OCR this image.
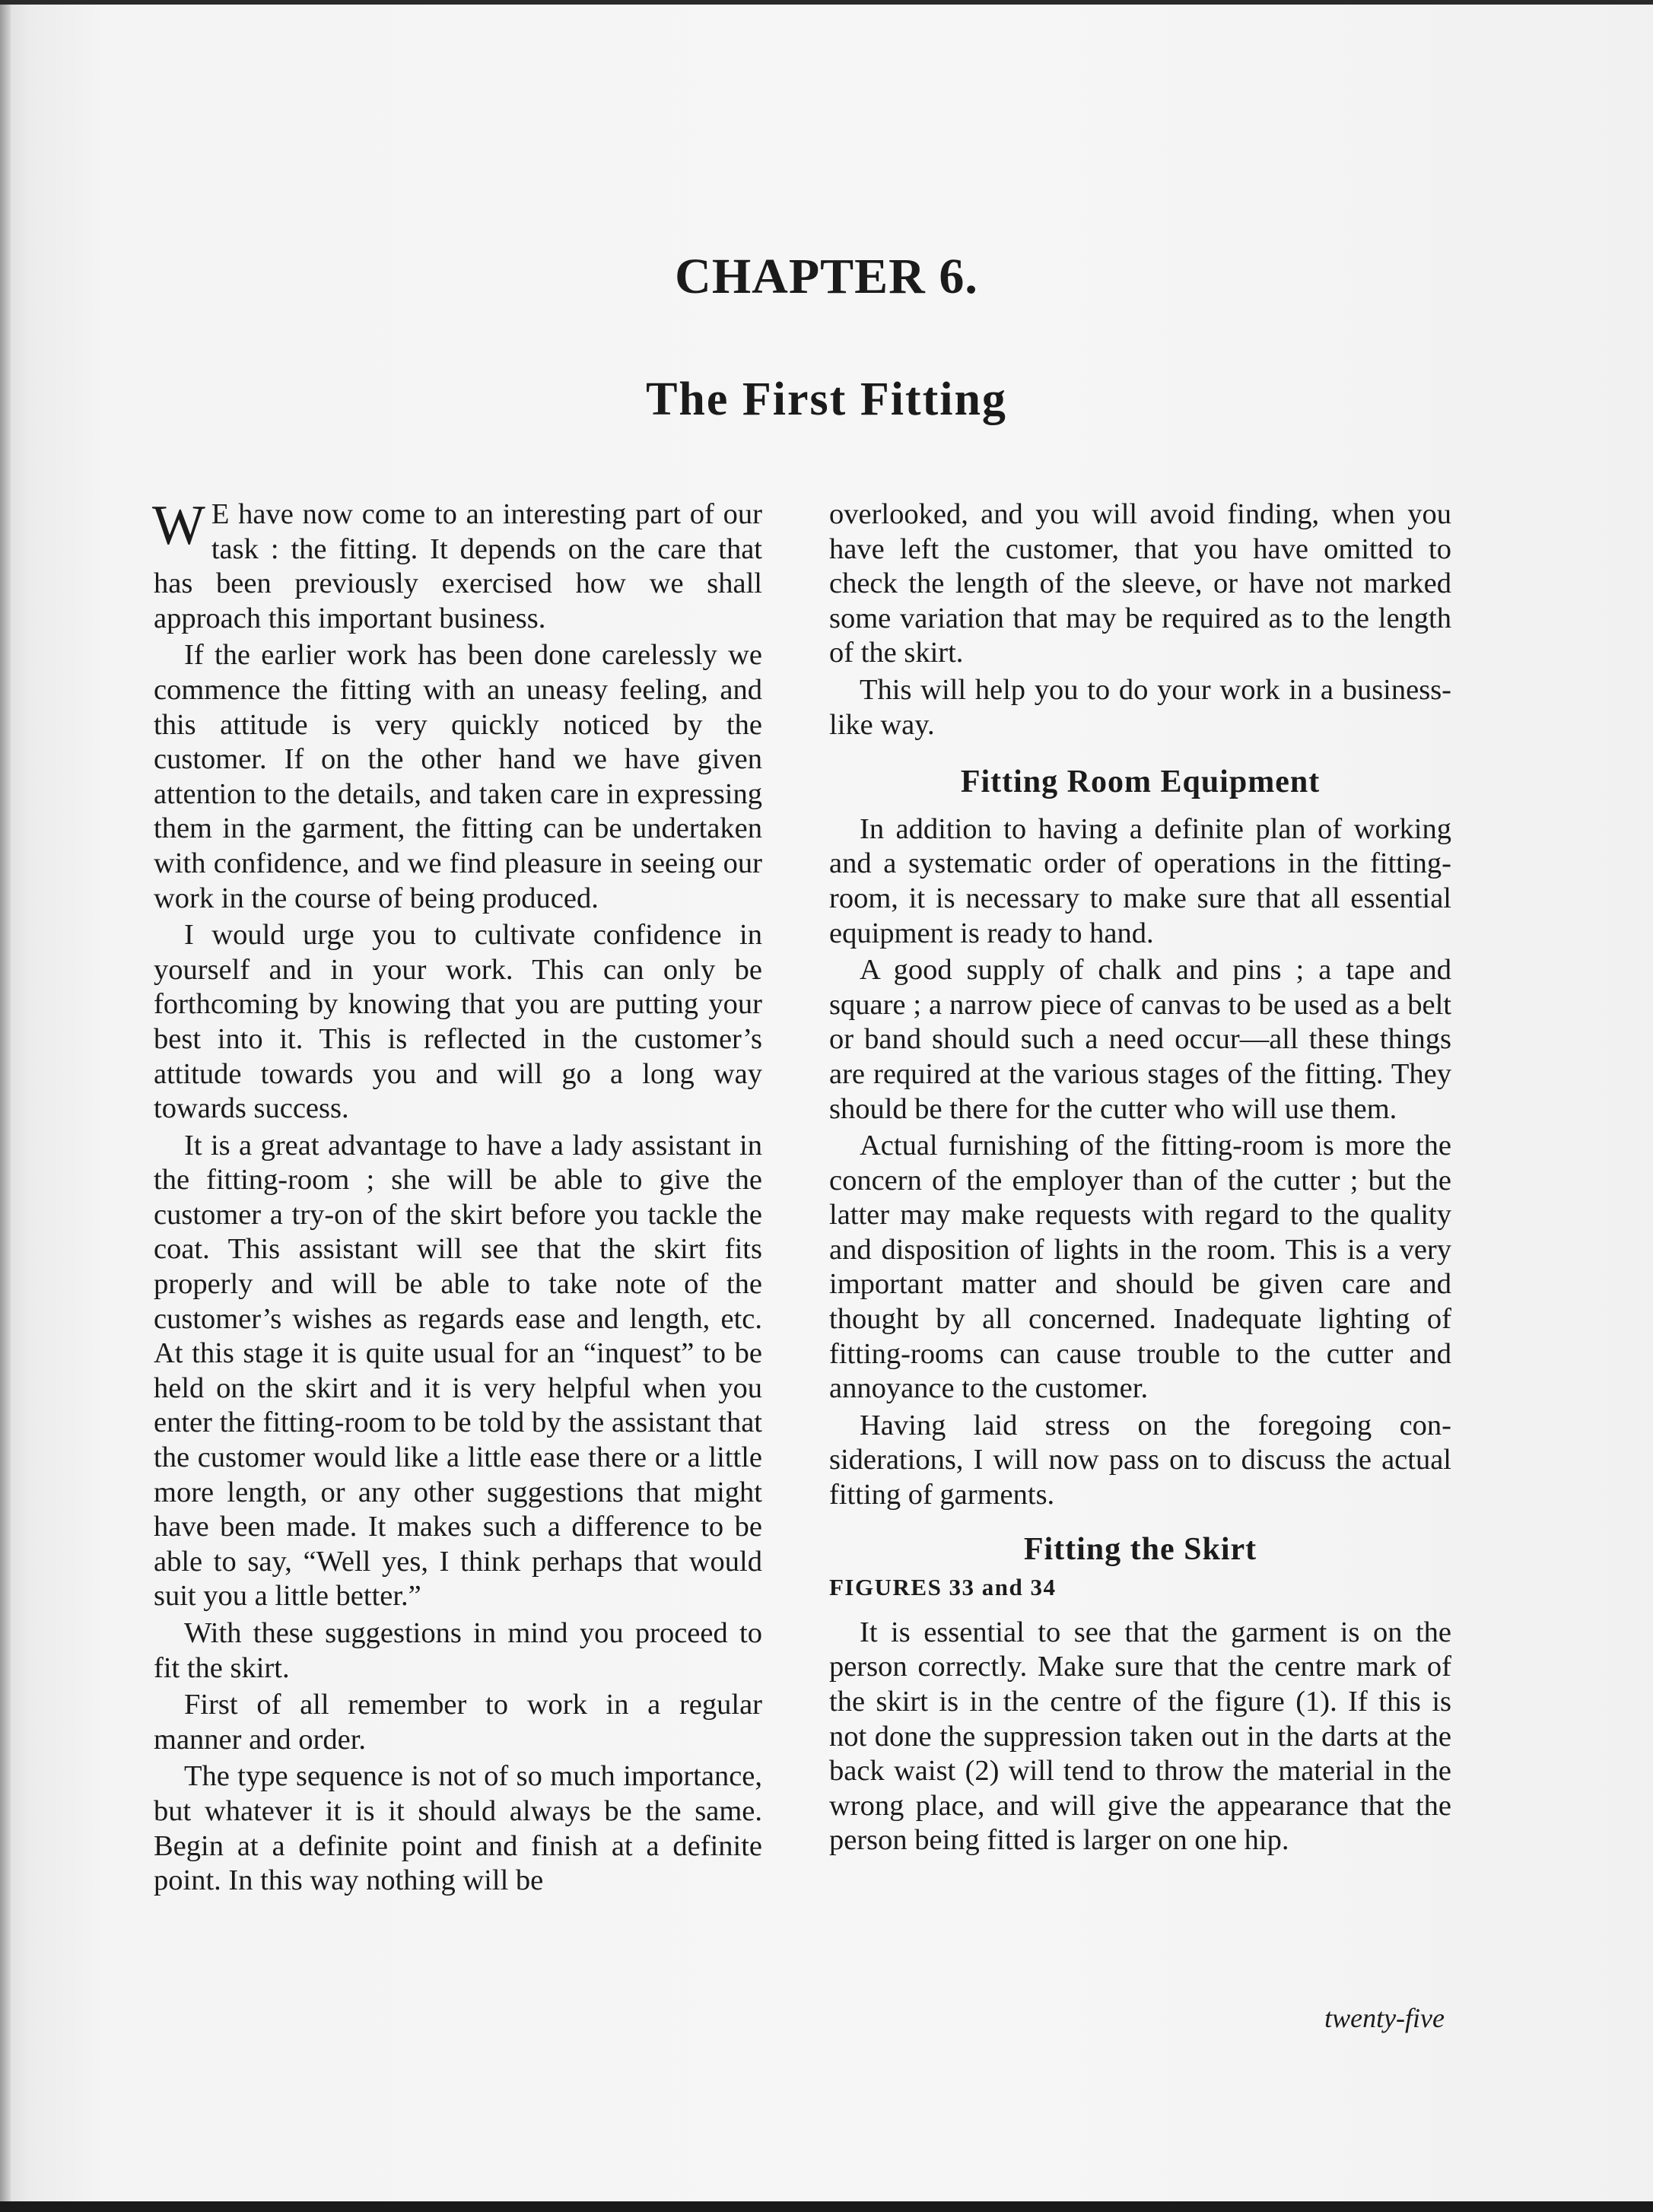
CHAPTER 6.
The First Fitting

W E have now come to an interesting part of our task : the fitting. It depends on the care that has been previously exercised how we shall approach this important business.

If the earlier work has been done carelessly we commence the fitting with an uneasy feeling, and this attitude is very quickly noticed by the customer. If on the other hand we have given attention to the details, and taken care in expressing them in the garment, the fitting can be undertaken with confidence, and we find pleasure in seeing our work in the course of being produced.

I would urge you to cultivate confidence in yourself and in your work. This can only be forthcoming by knowing that you are putting your best into it. This is reflected in the customer’s attitude towards you and will go a long way towards success.

It is a great advantage to have a lady assistant in the fitting-room ; she will be able to give the customer a try-on of the skirt before you tackle the coat. This assistant will see that the skirt fits properly and will be able to take note of the customer’s wishes as regards ease and length, etc. At this stage it is quite usual for an “inquest” to be held on the skirt and it is very helpful when you enter the fitting-room to be told by the assistant that the customer would like a little ease there or a little more length, or any other suggestions that might have been made. It makes such a difference to be able to say, “Well yes, I think perhaps that would suit you a little better.”

With these suggestions in mind you proceed to fit the skirt.

First of all remember to work in a regular manner and order.

The type sequence is not of so much importance, but whatever it is it should always be the same. Begin at a definite point and finish at a definite point. In this way nothing will be

overlooked, and you will avoid finding, when you have left the customer, that you have omitted to check the length of the sleeve, or have not marked some variation that may be required as to the length of the skirt.

This will help you to do your work in a business-like way.

Fitting Room Equipment

In addition to having a definite plan of working and a systematic order of operations in the fitting-room, it is necessary to make sure that all essential equipment is ready to hand.

A good supply of chalk and pins ; a tape and square ; a narrow piece of canvas to be used as a belt or band should such a need occur—all these things are required at the various stages of the fitting. They should be there for the cutter who will use them.

Actual furnishing of the fitting-room is more the concern of the employer than of the cutter ; but the latter may make requests with regard to the quality and disposition of lights in the room. This is a very important matter and should be given care and thought by all concerned. Inadequate lighting of fitting-rooms can cause trouble to the cutter and annoyance to the customer.

Having laid stress on the foregoing considerations, I will now pass on to discuss the actual fitting of garments.

Fitting the Skirt
FIGURES 33 and 34

It is essential to see that the garment is on the person correctly. Make sure that the centre mark of the skirt is in the centre of the figure (1). If this is not done the suppression taken out in the darts at the back waist (2) will tend to throw the material in the wrong place, and will give the appearance that the person being fitted is larger on one hip.

twenty-five
